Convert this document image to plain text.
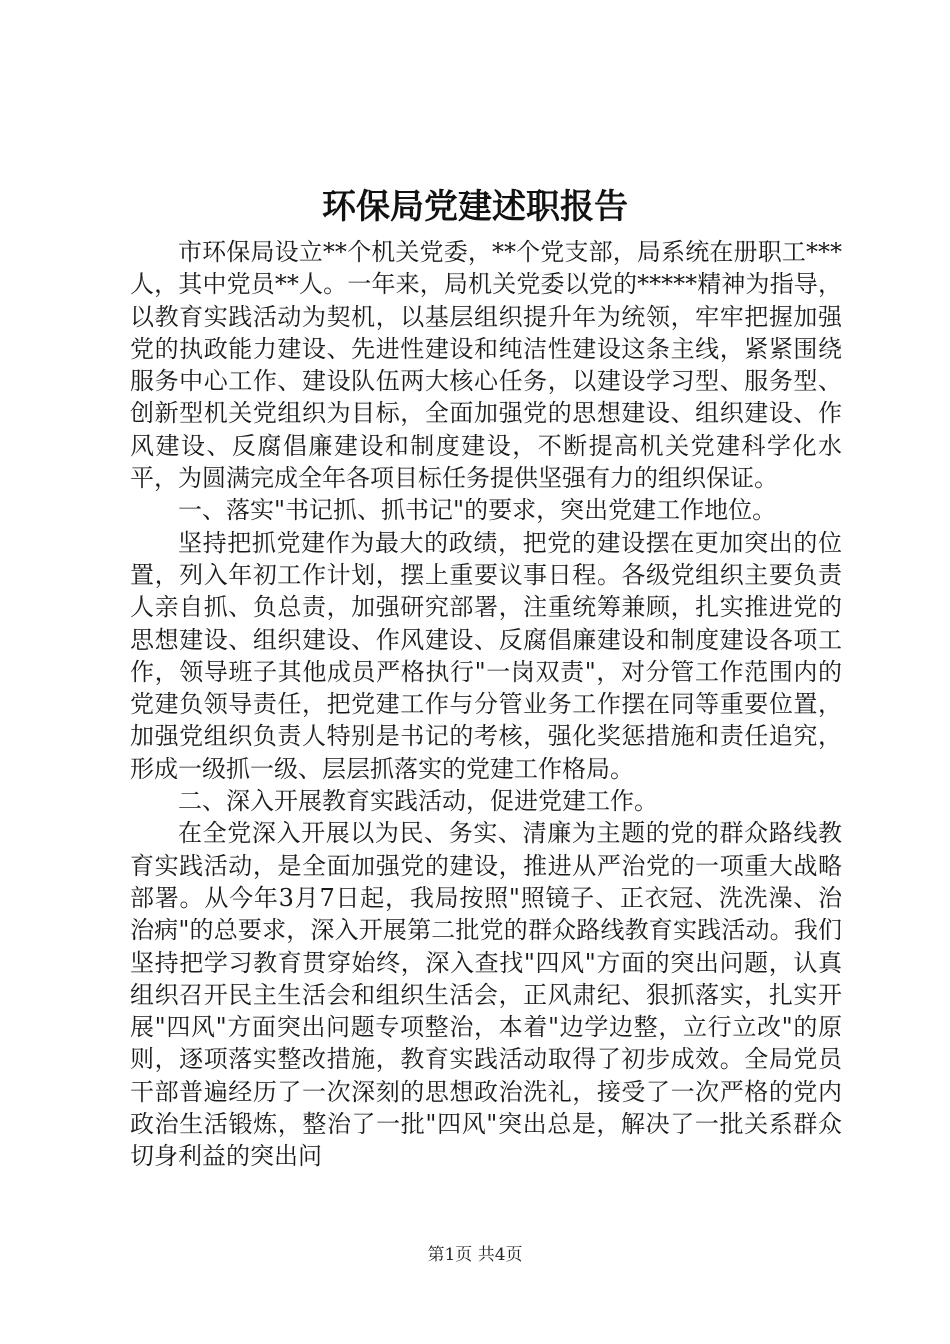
环保局党建述职报告

市环保局设立**个机关党委，**个党支部，局系统在册职工***人，其中党员**人。一年来，局机关党委以党的*****精神为指导，以教育实践活动为契机，以基层组织提升年为统领，牢牢把握加强党的执政能力建设、先进性建设和纯洁性建设这条主线，紧紧围绕服务中心工作、建设队伍两大核心任务，以建设学习型、服务型、创新型机关党组织为目标，全面加强党的思想建设、组织建设、作风建设、反腐倡廉建设和制度建设，不断提高机关党建科学化水平，为圆满完成全年各项目标任务提供坚强有力的组织保证。

一、落实"书记抓、抓书记"的要求，突出党建工作地位。

坚持把抓党建作为最大的政绩，把党的建设摆在更加突出的位置，列入年初工作计划，摆上重要议事日程。各级党组织主要负责人亲自抓、负总责，加强研究部署，注重统筹兼顾，扎实推进党的思想建设、组织建设、作风建设、反腐倡廉建设和制度建设各项工作，领导班子其他成员严格执行"一岗双责"，对分管工作范围内的党建负领导责任，把党建工作与分管业务工作摆在同等重要位置，加强党组织负责人特别是书记的考核，强化奖惩措施和责任追究，形成一级抓一级、层层抓落实的党建工作格局。

二、深入开展教育实践活动，促进党建工作。

在全党深入开展以为民、务实、清廉为主题的党的群众路线教育实践活动，是全面加强党的建设，推进从严治党的一项重大战略部署。从今年3月7日起，我局按照"照镜子、正衣冠、洗洗澡、治治病"的总要求，深入开展第二批党的群众路线教育实践活动。我们坚持把学习教育贯穿始终，深入查找"四风"方面的突出问题，认真组织召开民主生活会和组织生活会，正风肃纪、狠抓落实，扎实开展"四风"方面突出问题专项整治，本着"边学边整，立行立改"的原则，逐项落实整改措施，教育实践活动取得了初步成效。全局党员干部普遍经历了一次深刻的思想政治洗礼，接受了一次严格的党内政治生活锻炼，整治了一批"四风"突出总是，解决了一批关系群众切身利益的突出问

第1页 共4页
